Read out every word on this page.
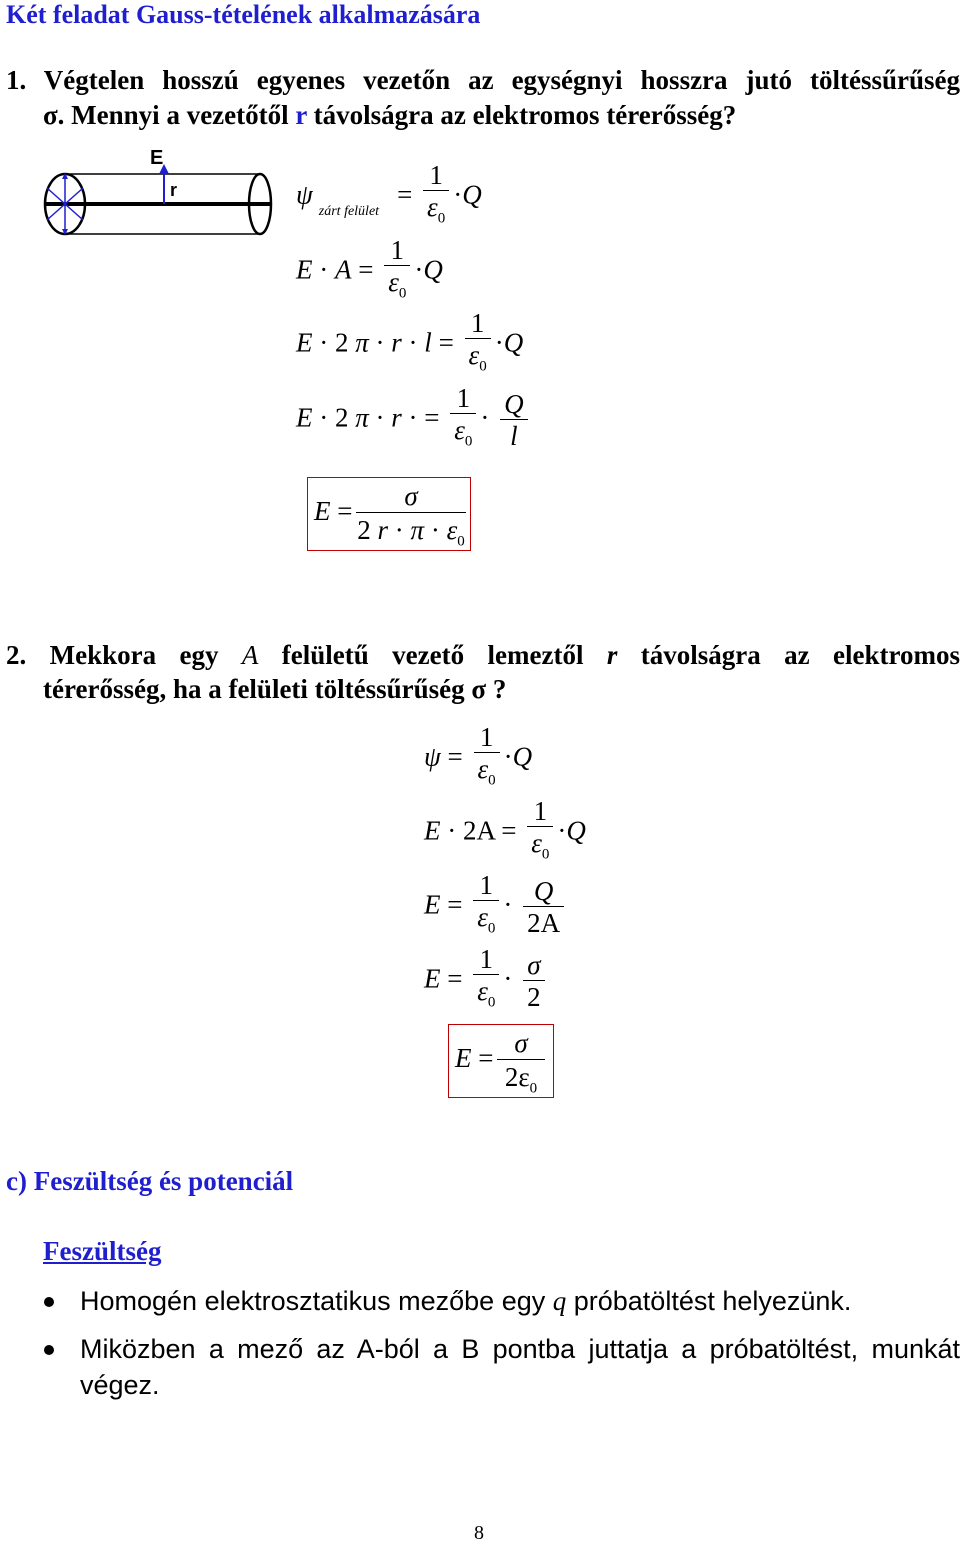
Két feladat Gauss-tételének alkalmazására
1. Végtelen hosszú egyenes vezetőn az egységnyi hosszra jutó töltéssűrűség
σ. Mennyi a vezetőtől r távolságra az elektromos térerősség?
E
r	$\psi_{zárt felület}= \frac{1}{\varepsilon_0} \cdot Q$
$E \cdot A = \frac{1}{\varepsilon_0} \cdot Q$
E · 2 $\pi \cdot r \cdot l = \frac{1}{\varepsilon_0} \cdot Q$
E · 2 π · r · = $\frac{1}{\varepsilon_0} \cdot \frac{Q}{l}$
E =	σ
2 $r \cdot \pi \cdot \varepsilon_0$
2. Mekkora egy A felületű vezető lemeztől r távolságra az elektromos
térerősség, ha a felületi töltéssűrűség σ ?
$\psi = \frac{1}{\varepsilon_0} \cdot Q$
$E \cdot 2A = \frac{1}{\varepsilon_0} \cdot Q$
$E = \frac{1}{\varepsilon_0} \cdot \frac{Q}{2A}$
$E = \frac{1}{\varepsilon_0} \cdot \frac{\sigma}{2}$
E = σ
$2\varepsilon_0$
c) Feszültség és potenciál
Feszültség
Homogén elektrosztatikus mezőbe egy q próbatöltést helyezünk.
Miközben a mező az A-ból a B pontba juttatja a próbatöltést, munkát
végez.
8
